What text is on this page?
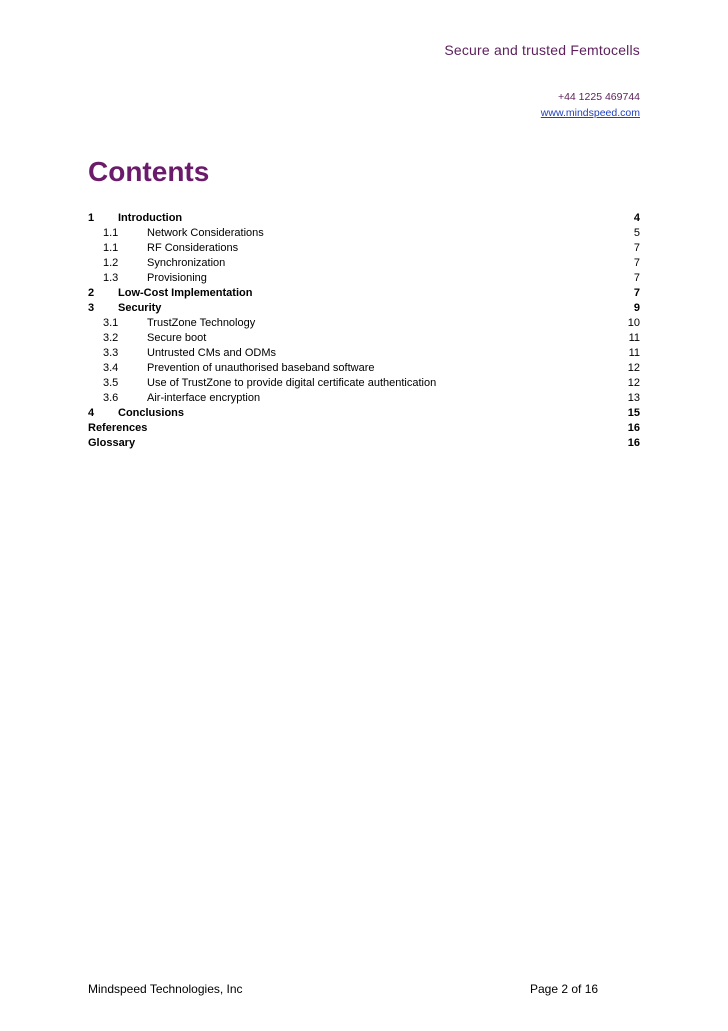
Secure and trusted Femtocells
+44 1225 469744
www.mindspeed.com
Contents
1 Introduction	4
1.1	Network Considerations	5
1.1	RF Considerations	7
1.2	Synchronization	7
1.3	Provisioning	7
2 Low-Cost Implementation	7
3 Security	9
3.1	TrustZone Technology	10
3.2	Secure boot	11
3.3	Untrusted CMs and ODMs	11
3.4	Prevention of unauthorised baseband software	12
3.5	Use of TrustZone to provide digital certificate authentication	12
3.6	Air-interface encryption	13
4 Conclusions	15
References	16
Glossary	16
Mindspeed Technologies, Inc	Page 2 of 16
